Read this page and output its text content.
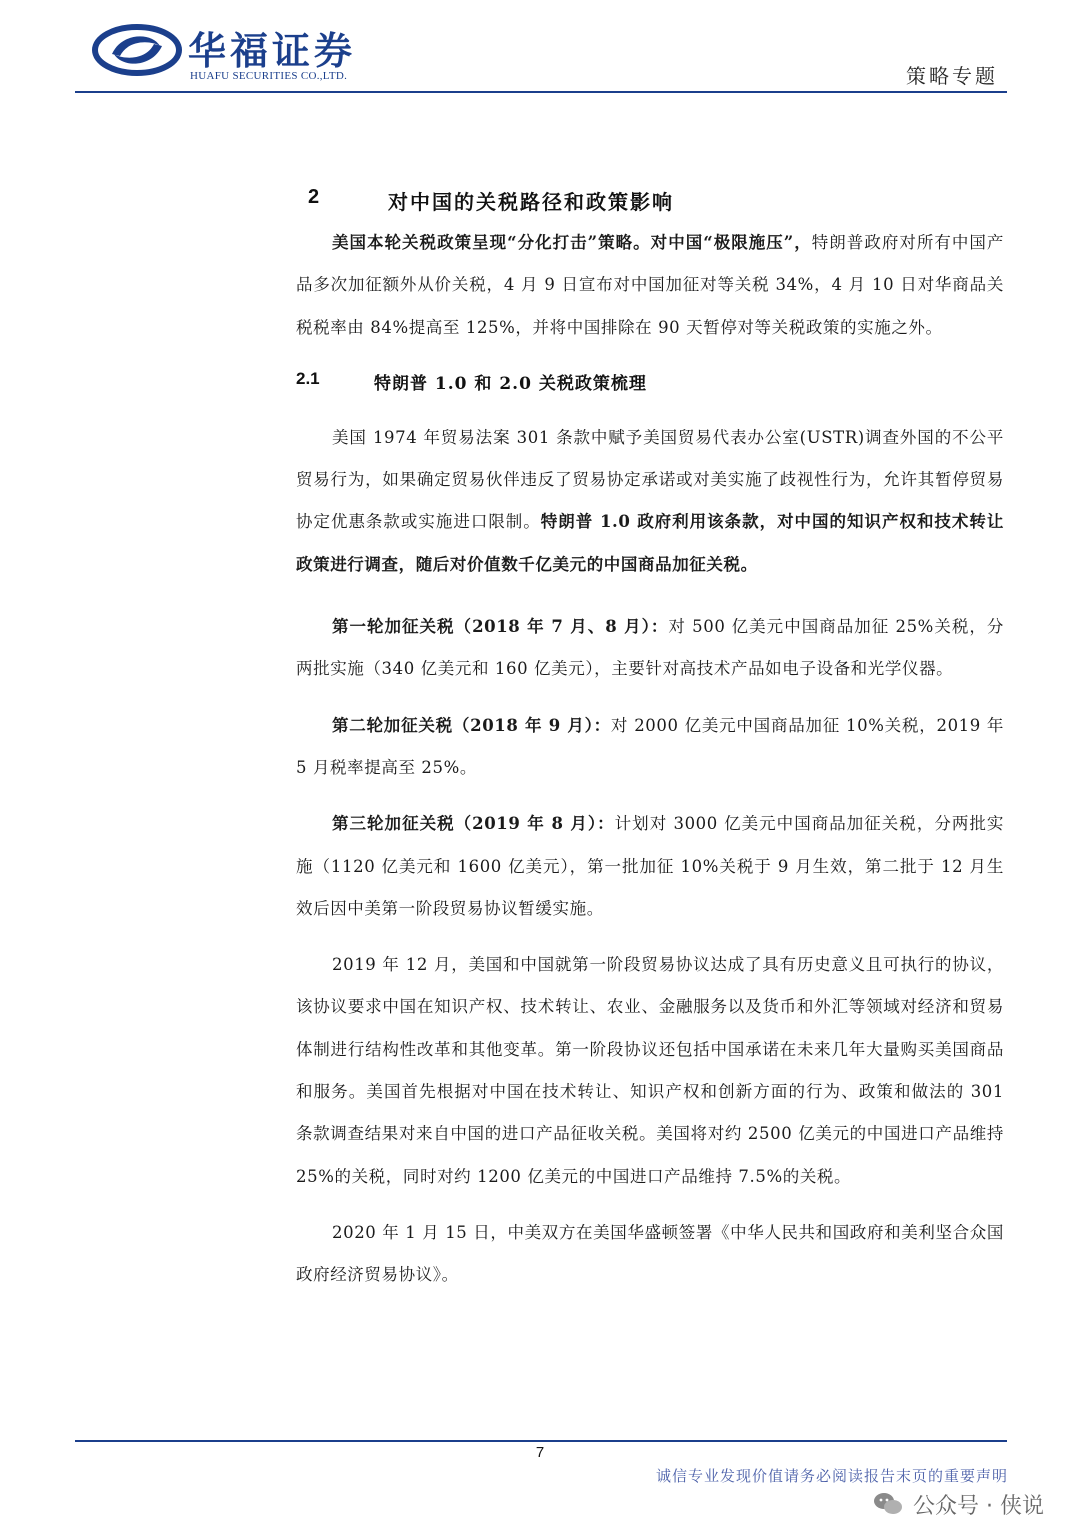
华福证券
HUAFU SECURITIES CO.,LTD.	策略专题
2	对中国的关税路径和政策影响

美国本轮关税政策呈现“分化打击”策略。对中国“极限施压”，特朗普政府对所有中国产品多次加征额外从价关税，4 月 9 日宣布对中国加征对等关税 34%，4 月 10 日对华商品关税税率由 84%提高至 125%，并将中国排除在 90 天暂停对等关税政策的实施之外。

2.1	特朗普 1.0 和 2.0 关税政策梳理

美国 1974 年贸易法案 301 条款中赋予美国贸易代表办公室(USTR)调查外国的不公平贸易行为，如果确定贸易伙伴违反了贸易协定承诺或对美实施了歧视性行为，允许其暂停贸易协定优惠条款或实施进口限制。特朗普 1.0 政府利用该条款，对中国的知识产权和技术转让政策进行调查，随后对价值数千亿美元的中国商品加征关税。

第一轮加征关税（2018 年 7 月、8 月）：对 500 亿美元中国商品加征 25%关税，分两批实施（340 亿美元和 160 亿美元），主要针对高技术产品如电子设备和光学仪器。

第二轮加征关税（2018 年 9 月）：对 2000 亿美元中国商品加征 10%关税，2019 年 5 月税率提高至 25%。

第三轮加征关税（2019 年 8 月）：计划对 3000 亿美元中国商品加征关税，分两批实施（1120 亿美元和 1600 亿美元），第一批加征 10%关税于 9 月生效，第二批于 12 月生效后因中美第一阶段贸易协议暂缓实施。

2019 年 12 月，美国和中国就第一阶段贸易协议达成了具有历史意义且可执行的协议，该协议要求中国在知识产权、技术转让、农业、金融服务以及货币和外汇等领域对经济和贸易体制进行结构性改革和其他变革。第一阶段协议还包括中国承诺在未来几年大量购买美国商品和服务。美国首先根据对中国在技术转让、知识产权和创新方面的行为、政策和做法的 301 条款调查结果对来自中国的进口产品征收关税。美国将对约 2500 亿美元的中国进口产品维持 25%的关税，同时对约 1200 亿美元的中国进口产品维持 7.5%的关税。

2020 年 1 月 15 日，中美双方在美国华盛顿签署《中华人民共和国政府和美利坚合众国政府经济贸易协议》。

7
诚信专业发现价值请务必阅读报告末页的重要声明
公众号 · 侠说
